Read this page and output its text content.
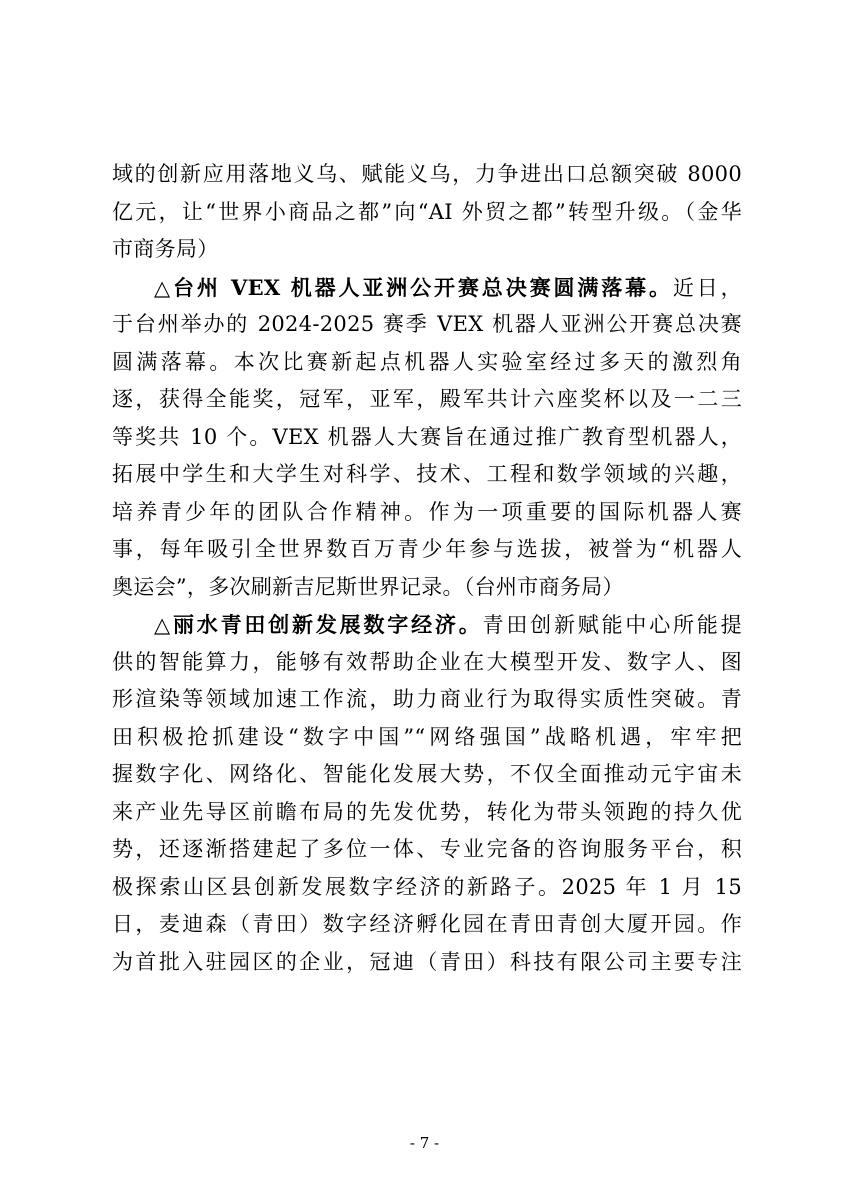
域的创新应用落地义乌、赋能义乌，力争进出口总额突破 8000
亿元，让“世界小商品之都”向“AI 外贸之都”转型升级。（金华
市商务局）
△台州 VEX 机器人亚洲公开赛总决赛圆满落幕。近日，
于台州举办的 2024-2025 赛季 VEX 机器人亚洲公开赛总决赛
圆满落幕。本次比赛新起点机器人实验室经过多天的激烈角
逐，获得全能奖，冠军，亚军，殿军共计六座奖杯以及一二三
等奖共 10 个。VEX 机器人大赛旨在通过推广教育型机器人，
拓展中学生和大学生对科学、技术、工程和数学领域的兴趣，
培养青少年的团队合作精神。作为一项重要的国际机器人赛
事，每年吸引全世界数百万青少年参与选拔，被誉为“机器人
奥运会”，多次刷新吉尼斯世界记录。（台州市商务局）
△丽水青田创新发展数字经济。青田创新赋能中心所能提
供的智能算力，能够有效帮助企业在大模型开发、数字人、图
形渲染等领域加速工作流，助力商业行为取得实质性突破。青
田积极抢抓建设“数字中国”“网络强国”战略机遇，牢牢把
握数字化、网络化、智能化发展大势，不仅全面推动元宇宙未
来产业先导区前瞻布局的先发优势，转化为带头领跑的持久优
势，还逐渐搭建起了多位一体、专业完备的咨询服务平台，积
极探索山区县创新发展数字经济的新路子。2025 年 1 月 15
日，麦迪森（青田）数字经济孵化园在青田青创大厦开园。作
为首批入驻园区的企业，冠迪（青田）科技有限公司主要专注
- 7 -
